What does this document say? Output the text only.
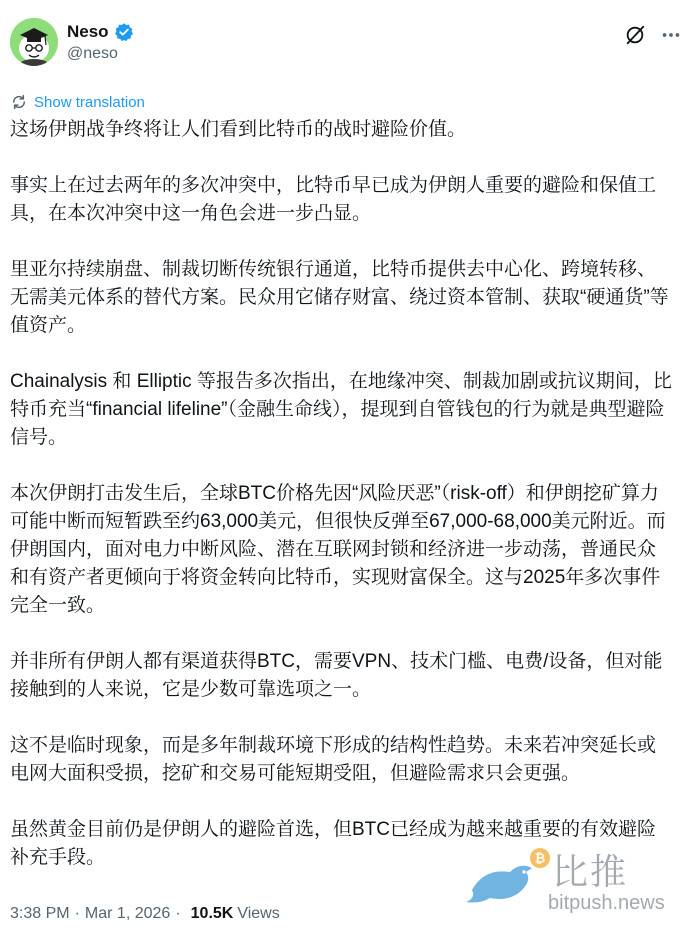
Neso
@neso
Show translation

这场伊朗战争终将让人们看到比特币的战时避险价值。

事实上在过去两年的多次冲突中，比特币早已成为伊朗人重要的避险和保值工具，在本次冲突中这一角色会进一步凸显。

里亚尔持续崩盘、制裁切断传统银行通道，比特币提供去中心化、跨境转移、无需美元体系的替代方案。民众用它储存财富、绕过资本管制、获取“硬通货”等值资产。

Chainalysis 和 Elliptic 等报告多次指出，在地缘冲突、制裁加剧或抗议期间，比特币充当“financial lifeline”（金融生命线），提现到自管钱包的行为就是典型避险信号。

本次伊朗打击发生后，全球BTC价格先因“风险厌恶”（risk-off）和伊朗挖矿算力可能中断而短暂跌至约63,000美元，但很快反弹至67,000-68,000美元附近。而伊朗国内，面对电力中断风险、潜在互联网封锁和经济进一步动荡，普通民众和有资产者更倾向于将资金转向比特币，实现财富保全。这与2025年多次事件完全一致。

并非所有伊朗人都有渠道获得BTC，需要VPN、技术门槛、电费/设备，但对能接触到的人来说，它是少数可靠选项之一。

这不是临时现象，而是多年制裁环境下形成的结构性趋势。未来若冲突延长或电网大面积受损，挖矿和交易可能短期受阻，但避险需求只会更强。

虽然黄金目前仍是伊朗人的避险首选，但BTC已经成为越来越重要的有效避险补充手段。

3:38 PM · Mar 1, 2026 · 10.5K Views
₿ 比推
bitpush.news
